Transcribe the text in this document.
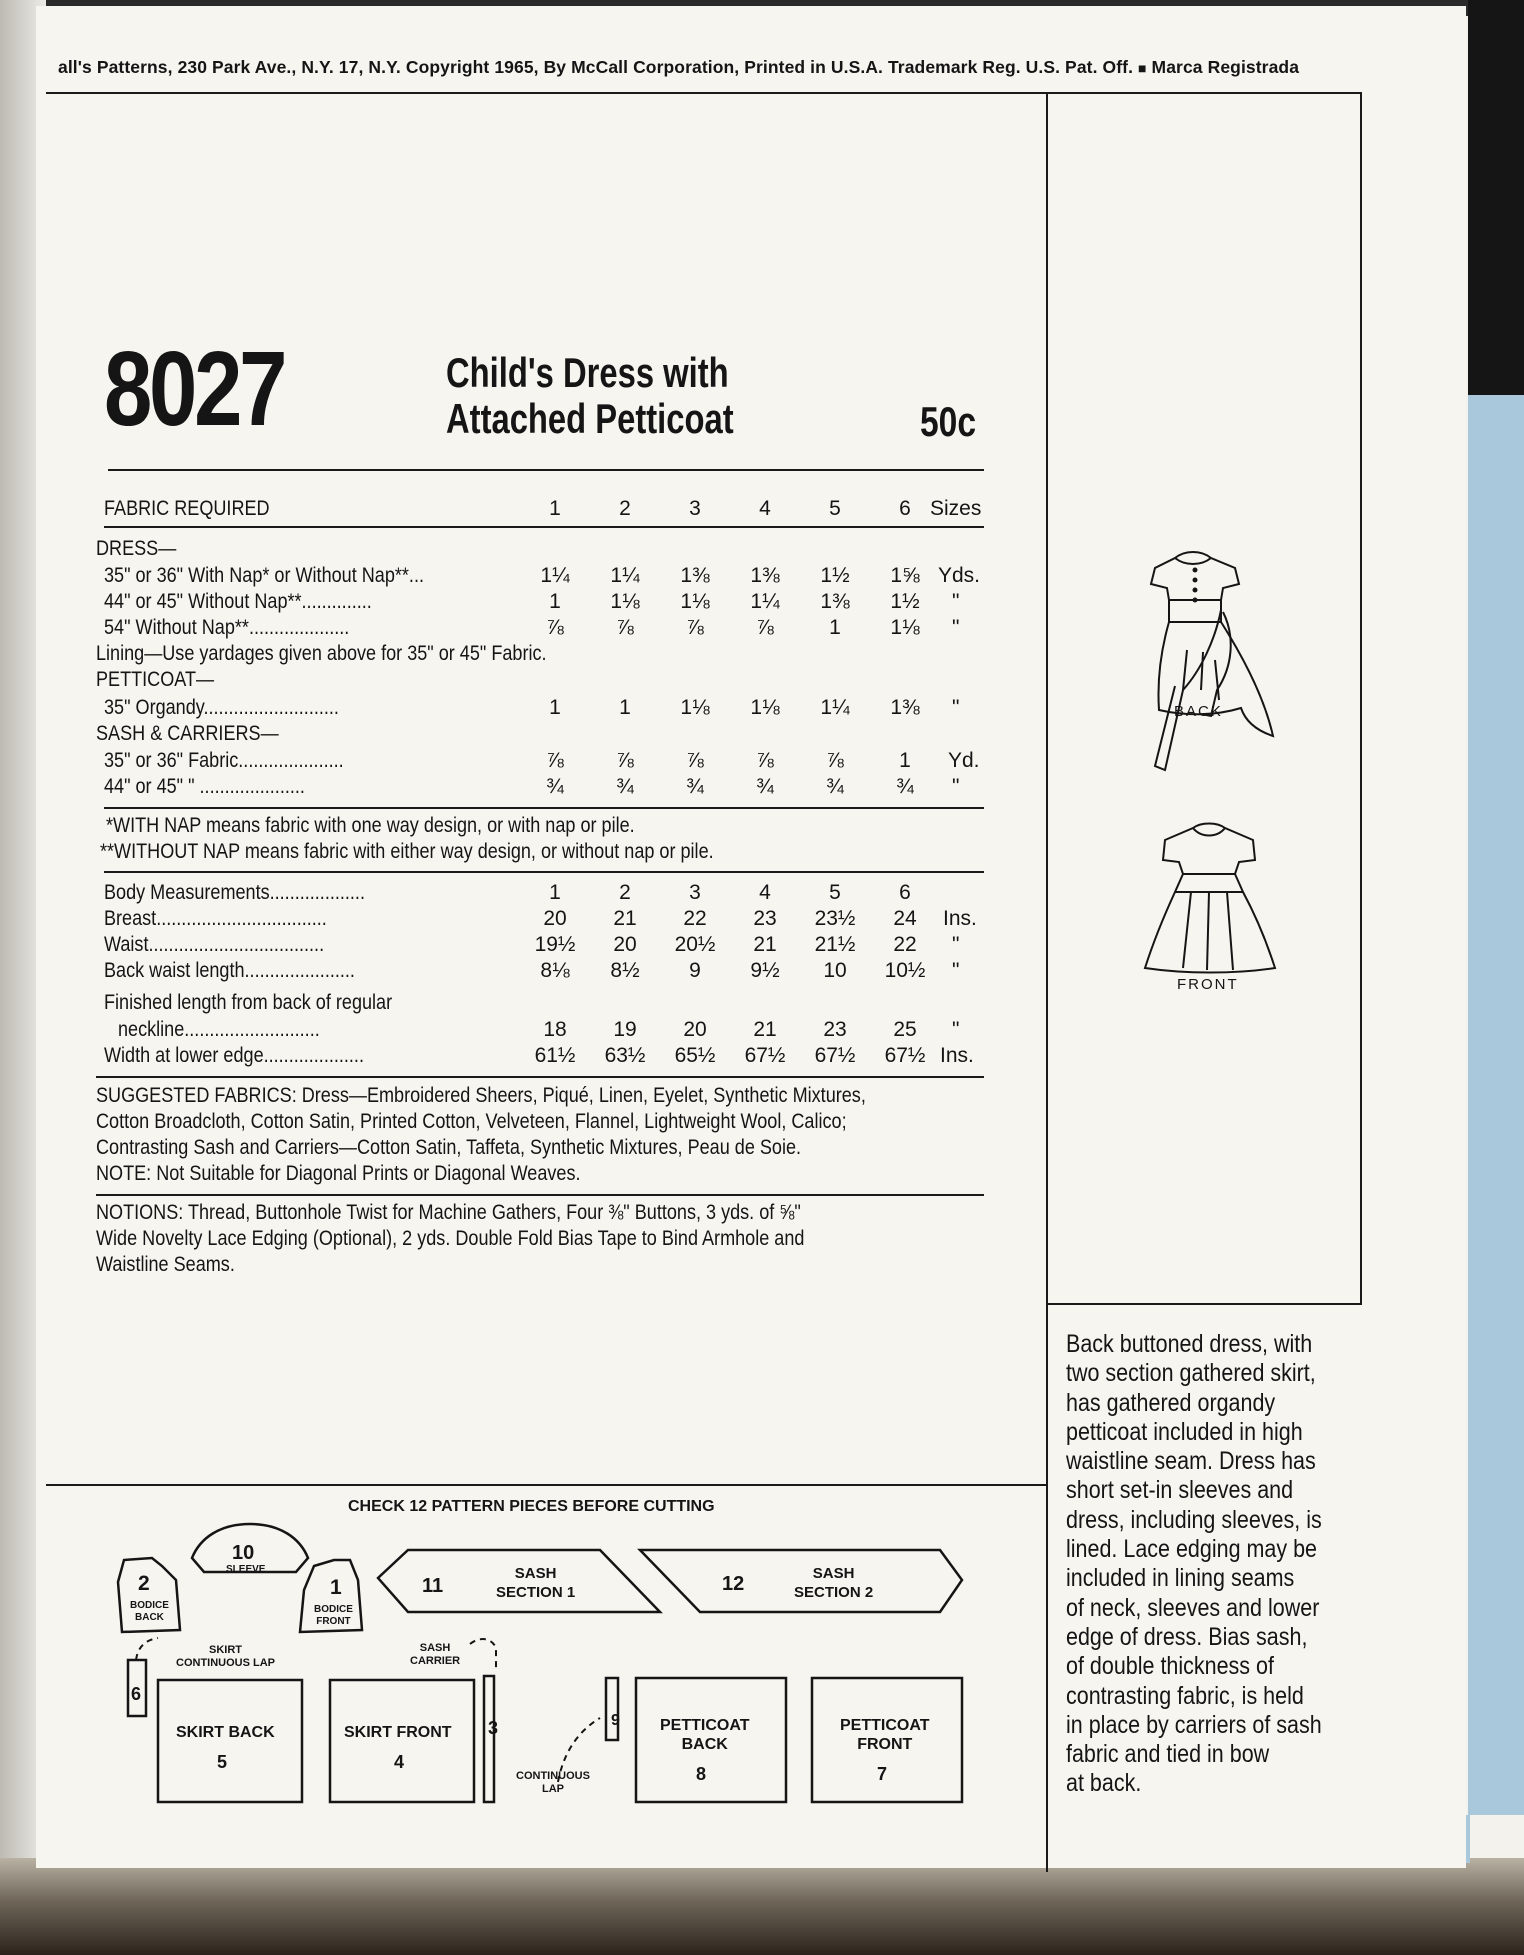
all's Patterns, 230 Park Ave., N.Y. 17, N.Y. Copyright 1965, By McCall Corporation, Printed in U.S.A. Trademark Reg. U.S. Pat. Off. ■ Marca Registrada
8027	Child's Dress with
Attached Petticoat	50c
FABRIC REQUIRED	1	2	3	4	5	6 Sizes
DRESS—
35" or 36" With Nap* or Without Nap**...	1¼	1¼	1⅜	1⅜	1½	1⅝ Yds.
44" or 45" Without Nap**..............	1	1⅛	1⅛	1¼	1⅜	1½	"
54" Without Nap**....................	⅞	⅞	⅞	⅞	1	1⅛	"
Lining—Use yardages given above for 35" or 45" Fabric.
PETTICOAT—
35" Organdy...........................	1	1	1⅛	1⅛	1¼	1⅜	"
SASH & CARRIERS—
35" or 36" Fabric.....................	⅞	⅞	⅞	⅞	⅞	1	Yd.
44" or 45" " .....................	¾	¾	¾	¾	¾	¾	"
*WITH NAP means fabric with one way design, or with nap or pile.
**WITHOUT NAP means fabric with either way design, or without nap or pile.
Body Measurements...................	1	2	3	4	5	6
Breast..................................	20	21	22	23	23½	24	Ins.
Waist...................................	19½	20	20½	21	21½	22	"
Back waist length......................	8⅛	8½	9	9½	10	10½	"
Finished length from back of regular
neckline...........................	18	19	20	21	23	25	"
Width at lower edge....................	61½	63½	65½	67½	67½	67½ Ins.
SUGGESTED FABRICS: Dress—Embroidered Sheers, Piqué, Linen, Eyelet, Synthetic Mixtures,
Cotton Broadcloth, Cotton Satin, Printed Cotton, Velveteen, Flannel, Lightweight Wool, Calico;
Contrasting Sash and Carriers—Cotton Satin, Taffeta, Synthetic Mixtures, Peau de Soie.
NOTE: Not Suitable for Diagonal Prints or Diagonal Weaves.
NOTIONS: Thread, Buttonhole Twist for Machine Gathers, Four ⅜" Buttons, 3 yds. of ⅝"
Wide Novelty Lace Edging (Optional), 2 yds. Double Fold Bias Tape to Bind Armhole and
Waistline Seams.
BACK
FRONT
Back buttoned dress, with
two section gathered skirt,
has gathered organdy
petticoat included in high
waistline seam. Dress has
short set-in sleeves and
dress, including sleeves, is
lined. Lace edging may be
included in lining seams
of neck, sleeves and lower
edge of dress. Bias sash,
of double thickness of
contrasting fabric, is held
in place by carriers of sash
fabric and tied in bow
at back.
CHECK 12 PATTERN PIECES BEFORE CUTTING
2
BODICE
BACK
10
SLEEVE
1
BODICE
FRONT
11
SASH
SECTION 1	12	SASH
SECTION 2
SKIRT
CONTINUOUS LAP
6
SKIRT BACK
5
SKIRT FRONT
4
SASH
CARRIER
3	9
CONTINUOUS
LAP
PETTICOAT
BACK
8
PETTICOAT
FRONT
7
